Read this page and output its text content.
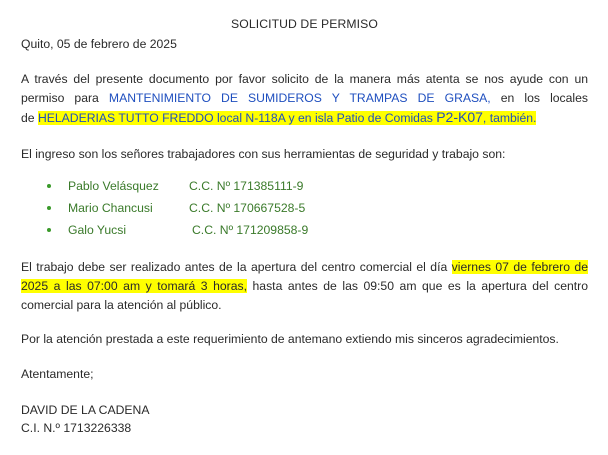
SOLICITUD DE PERMISO
Quito, 05 de febrero de 2025
A través del presente documento por favor solicito de la manera más atenta se nos ayude con un
permiso para MANTENIMIENTO DE SUMIDEROS Y TRAMPAS DE GRASA, en los locales
de HELADERIAS TUTTO FREDDO local N-118A y en isla Patio de Comidas P2-K07, también.
El ingreso son los señores trabajadores con sus herramientas de seguridad y trabajo son:
Pablo Velásquez C.C. Nº 171385111-9
Mario Chancusi	C.C. Nº 170667528-5
Galo Yucsi	C.C. Nº 171209858-9
El trabajo debe ser realizado antes de la apertura del centro comercial el día viernes 07 de febrero de
2025 a las 07:00 am y tomará 3 horas, hasta antes de las 09:50 am que es la apertura del centro
comercial para la atención al público.
Por la atención prestada a este requerimiento de antemano extiendo mis sinceros agradecimientos.
Atentamente;
DAVID DE LA CADENA
C.I. N.º 1713226338
